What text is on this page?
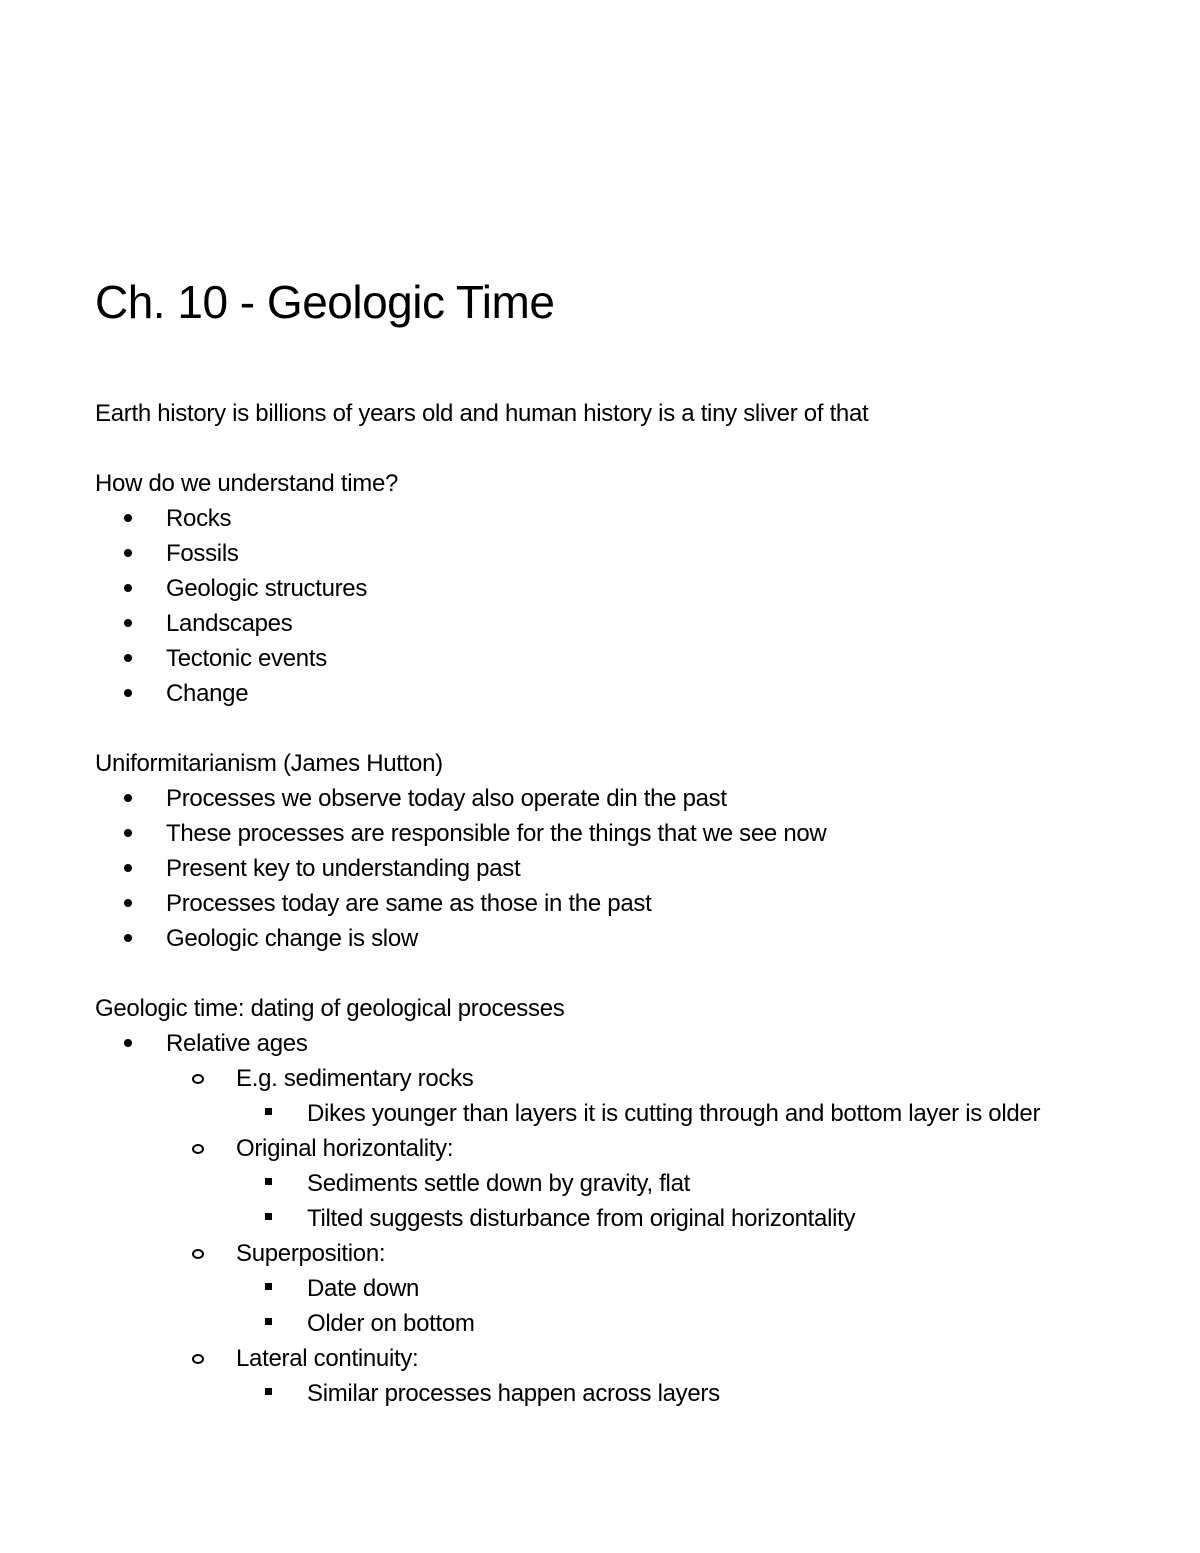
Ch. 10 - Geologic Time

Earth history is billions of years old and human history is a tiny sliver of that

How do we understand time?

Rocks
Fossils
Geologic structures
Landscapes
Tectonic events
Change

Uniformitarianism (James Hutton)

Processes we observe today also operate din the past
These processes are responsible for the things that we see now
Present key to understanding past
Processes today are same as those in the past
Geologic change is slow

Geologic time: dating of geological processes

Relative ages
E.g. sedimentary rocks
Dikes younger than layers it is cutting through and bottom layer is older
Original horizontality:
Sediments settle down by gravity, flat
Tilted suggests disturbance from original horizontality
Superposition:
Date down
Older on bottom
Lateral continuity:
Similar processes happen across layers
